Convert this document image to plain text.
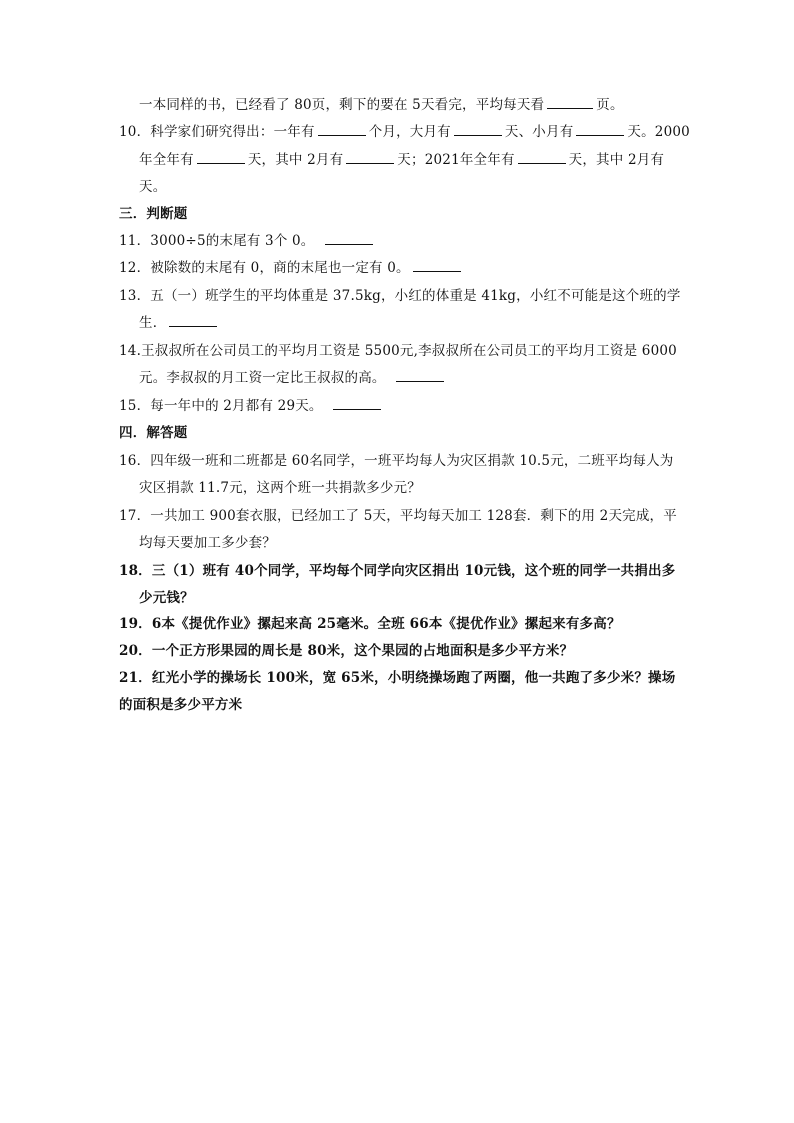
一本同样的书，已经看了 80页，剩下的要在 5天看完，平均每天看	页。
10．科学家们研究得出：一年有	个月，大月有	天、小月有	天。2000
年全年有	天，其中 2月有	天；2021年全年有	天，其中 2月有
天。
三．判断题
11．3000÷5的末尾有 3个 0。
12．被除数的末尾有 0，商的末尾也一定有 0。
13．五（一）班学生的平均体重是 37.5kg，小红的体重是 41kg，小红不可能是这个班的学
生．
14.王叔叔所在公司员工的平均月工资是 5500元,李叔叔所在公司员工的平均月工资是 6000
元。李叔叔的月工资一定比王叔叔的高。
15．每一年中的 2月都有 29天。
四．解答题
16．四年级一班和二班都是 60名同学，一班平均每人为灾区捐款 10.5元，二班平均每人为
灾区捐款 11.7元，这两个班一共捐款多少元？
17．一共加工 900套衣服，已经加工了 5天，平均每天加工 128套．剩下的用 2天完成，平
均每天要加工多少套？
18．三（1）班有 40个同学，平均每个同学向灾区捐出 10元钱，这个班的同学一共捐出多
少元钱？
19．6本《提优作业》摞起来高 25毫米。全班 66本《提优作业》摞起来有多高？
20．一个正方形果园的周长是 80米，这个果园的占地面积是多少平方米？
21．红光小学的操场长 100米，宽 65米，小明绕操场跑了两圈，他一共跑了多少米？操场
的面积是多少平方米
